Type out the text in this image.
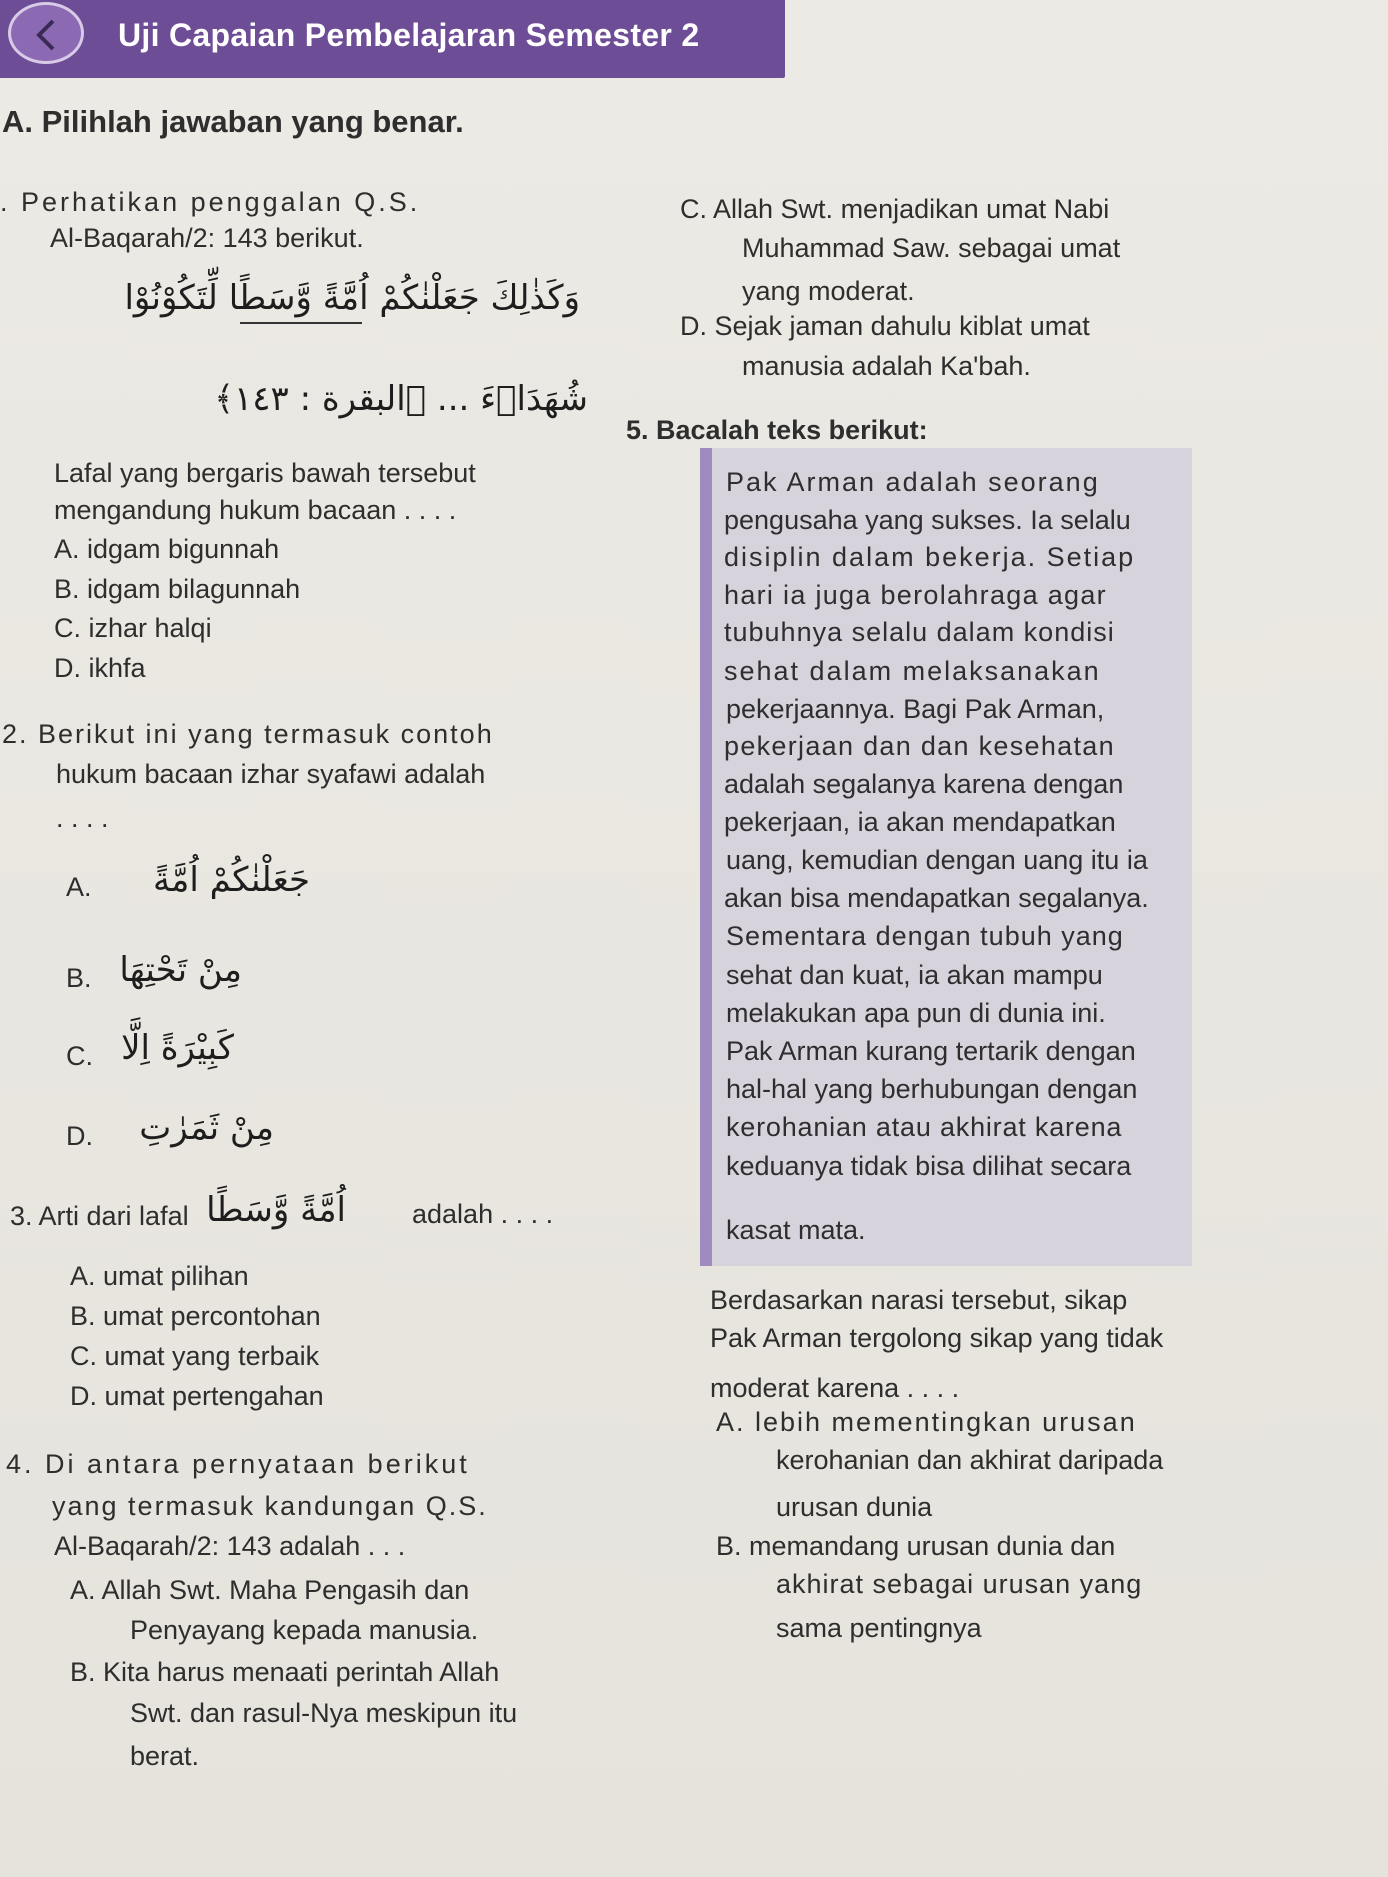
Uji Capaian Pembelajaran Semester 2
A. Pilihlah jawaban yang benar.
. Perhatikan penggalan Q.S.
Al-Baqarah/2: 143 berikut.
وَكَذٰلِكَ جَعَلْنٰكُمْ اُمَّةً وَّسَطًا لِّتَكُوْنُوْا
شُهَدَاۤءَ ... ﴿البقرة : ١٤٣﴾
Lafal yang bergaris bawah tersebut
mengandung hukum bacaan . . . .
A. idgam bigunnah
B. idgam bilagunnah
C. izhar halqi
D. ikhfa
2. Berikut ini yang termasuk contoh
hukum bacaan izhar syafawi adalah
. . . .
A. جَعَلْنٰكُمْ اُمَّةً
B. مِنْ تَحْتِهَا
C. كَبِيْرَةً اِلَّا
D. مِنْ ثَمَرٰتِ
3. Arti dari lafal اُمَّةً وَّسَطًا adalah . . . .
A. umat pilihan
B. umat percontohan
C. umat yang terbaik
D. umat pertengahan
4. Di antara pernyataan berikut
yang termasuk kandungan Q.S.
Al-Baqarah/2: 143 adalah . . .
A. Allah Swt. Maha Pengasih dan
Penyayang kepada manusia.
B. Kita harus menaati perintah Allah
Swt. dan rasul-Nya meskipun itu
berat.
C. Allah Swt. menjadikan umat Nabi
Muhammad Saw. sebagai umat
yang moderat.
D. Sejak jaman dahulu kiblat umat
manusia adalah Ka'bah.
5. Bacalah teks berikut:
Pak Arman adalah seorang
pengusaha yang sukses. Ia selalu
disiplin dalam bekerja. Setiap
hari ia juga berolahraga agar
tubuhnya selalu dalam kondisi
sehat dalam melaksanakan
pekerjaannya. Bagi Pak Arman,
pekerjaan dan dan kesehatan
adalah segalanya karena dengan
pekerjaan, ia akan mendapatkan
uang, kemudian dengan uang itu ia
akan bisa mendapatkan segalanya.
Sementara dengan tubuh yang
sehat dan kuat, ia akan mampu
melakukan apa pun di dunia ini.
Pak Arman kurang tertarik dengan
hal-hal yang berhubungan dengan
kerohanian atau akhirat karena
keduanya tidak bisa dilihat secara
kasat mata.
Berdasarkan narasi tersebut, sikap
Pak Arman tergolong sikap yang tidak
moderat karena . . . .
A. lebih mementingkan urusan
kerohanian dan akhirat daripada
urusan dunia
B. memandang urusan dunia dan
akhirat sebagai urusan yang
sama pentingnya
